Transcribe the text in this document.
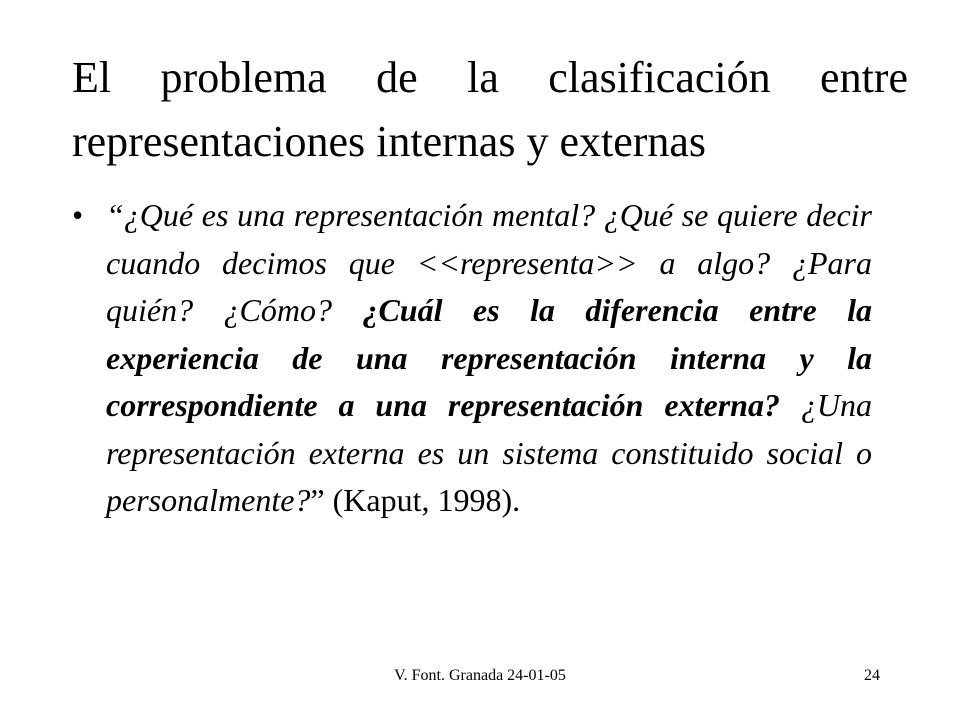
El problema de la clasificación entre
representaciones internas y externas
• “¿Qué es una representación mental? ¿Qué se quiere decir cuando decimos que <<representa>> a algo? ¿Para quién? ¿Cómo? ¿Cuál es la diferencia entre la experiencia de una representación interna y la correspondiente a una representación externa? ¿Una representación externa es un sistema constituido social o personalmente?” (Kaput, 1998).

V. Font. Granada 24-01-05	24
